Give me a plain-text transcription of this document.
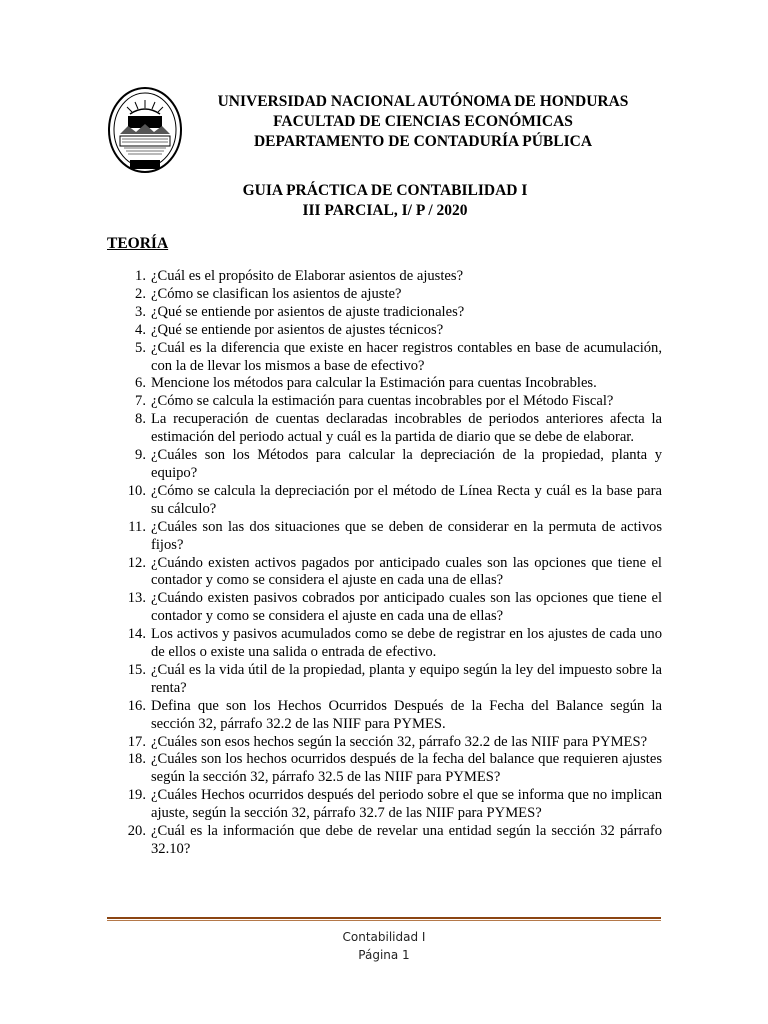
UNIVERSIDAD NACIONAL AUTÓNOMA DE HONDURAS
FACULTAD DE CIENCIAS ECONÓMICAS
DEPARTAMENTO DE CONTADURÍA PÚBLICA
GUIA PRÁCTICA DE CONTABILIDAD I
III PARCIAL, I/ P / 2020
TEORÍA
1. ¿Cuál es el propósito de Elaborar asientos de ajustes?
2. ¿Cómo se clasifican los asientos de ajuste?
3. ¿Qué se entiende por asientos de ajuste tradicionales?
4. ¿Qué se entiende por asientos de ajustes técnicos?
5. ¿Cuál es la diferencia que existe en hacer registros contables en base de acumulación, con la de llevar los mismos a base de efectivo?
6. Mencione los métodos para calcular la Estimación para cuentas Incobrables.
7. ¿Cómo se calcula la estimación para cuentas incobrables por el Método Fiscal?
8. La recuperación de cuentas declaradas incobrables de periodos anteriores afecta la estimación del periodo actual y cuál es la partida de diario que se debe de elaborar.
9. ¿Cuáles son los Métodos para calcular la depreciación de la propiedad, planta y equipo?
10. ¿Cómo se calcula la depreciación por el método de Línea Recta y cuál es la base para su cálculo?
11. ¿Cuáles son las dos situaciones que se deben de considerar en la permuta de activos fijos?
12. ¿Cuándo existen activos pagados por anticipado cuales son las opciones que tiene el contador y como se considera el ajuste en cada una de ellas?
13. ¿Cuándo existen pasivos cobrados por anticipado cuales son las opciones que tiene el contador y como se considera el ajuste en cada una de ellas?
14. Los activos y pasivos acumulados como se debe de registrar en los ajustes de cada uno de ellos o existe una salida o entrada de efectivo.
15. ¿Cuál es la vida útil de la propiedad, planta y equipo según la ley del impuesto sobre la renta?
16. Defina que son los Hechos Ocurridos Después de la Fecha del Balance según la sección 32, párrafo 32.2 de las NIIF para PYMES.
17. ¿Cuáles son esos hechos según la sección 32, párrafo 32.2 de las NIIF para PYMES?
18. ¿Cuáles son los hechos ocurridos después de la fecha del balance que requieren ajustes según la sección 32, párrafo 32.5 de las NIIF para PYMES?
19. ¿Cuáles Hechos ocurridos después del periodo sobre el que se informa que no implican ajuste, según la sección 32, párrafo 32.7 de las NIIF para PYMES?
20. ¿Cuál es la información que debe de revelar una entidad según la sección 32 párrafo 32.10?
Contabilidad I
Página 1
